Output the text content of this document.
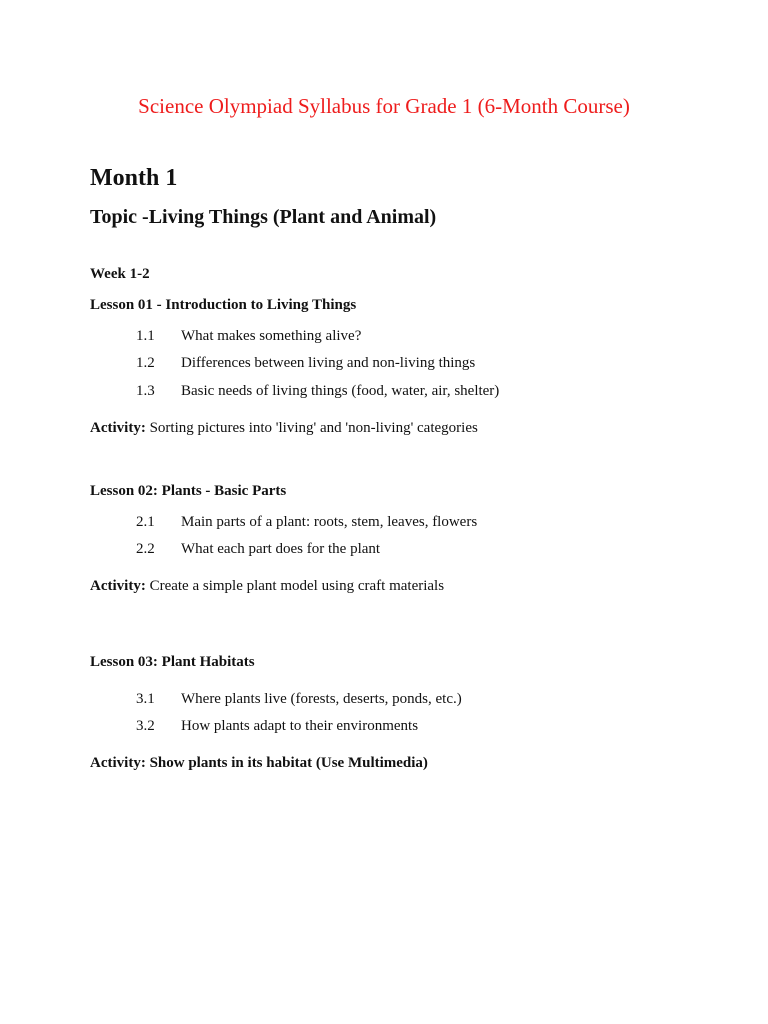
Science Olympiad Syllabus for Grade 1 (6-Month Course)
Month 1
Topic -Living Things (Plant and Animal)
Week 1-2
Lesson 01 - Introduction to Living Things
1.1 What makes something alive?
1.2 Differences between living and non-living things
1.3 Basic needs of living things (food, water, air, shelter)
Activity: Sorting pictures into 'living' and 'non-living' categories
Lesson 02: Plants - Basic Parts
2.1 Main parts of a plant: roots, stem, leaves, flowers
2.2 What each part does for the plant
Activity: Create a simple plant model using craft materials
Lesson 03: Plant Habitats
3.1 Where plants live (forests, deserts, ponds, etc.)
3.2 How plants adapt to their environments
Activity: Show plants in its habitat (Use Multimedia)
